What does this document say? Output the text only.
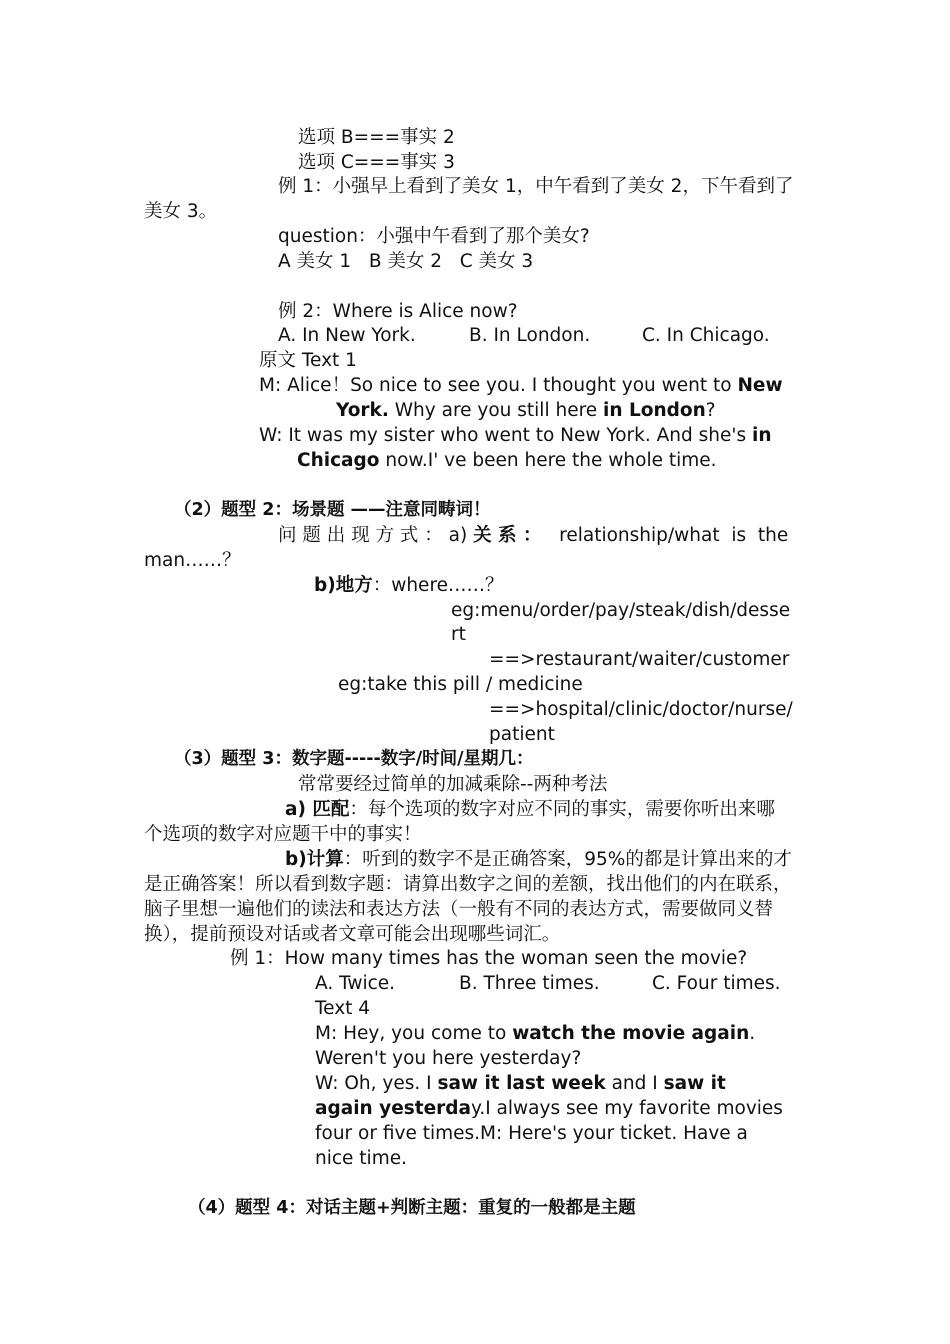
选项 B===事实 2
选项 C===事实 3
例 1：小强早上看到了美女 1，中午看到了美女 2，下午看到了
美女 3。
question：小强中午看到了那个美女?
A 美女 1   B 美女 2   C 美女 3
例 2：Where is Alice now?
A. In New York.	B. In London.	C. In Chicago.
原文 Text 1
M: Alice！So nice to see you. I thought you went to New
York. Why are you still here in London?
W: It was my sister who went to New York. And she's in
Chicago now.I' ve been here the whole time.
（2）题型 2：场景题 ——注意同畴词！
问 题 出 现 方 式 ： a) 关 系 ： relationship/what  is  the
man……？
b)地方：where……？
eg:menu/order/pay/steak/dish/desse
rt
==>restaurant/waiter/customer
eg:take this pill / medicine
==>hospital/clinic/doctor/nurse/
patient
（3）题型 3：数字题-----数字/时间/星期几：
常常要经过简单的加减乘除--两种考法
a) 匹配：每个选项的数字对应不同的事实，需要你听出来哪
个选项的数字对应题干中的事实！
b)计算：听到的数字不是正确答案，95%的都是计算出来的才
是正确答案！所以看到数字题：请算出数字之间的差额，找出他们的内在联系，
脑子里想一遍他们的读法和表达方法（一般有不同的表达方式，需要做同义替
换），提前预设对话或者文章可能会出现哪些词汇。
例 1：How many times has the woman seen the movie?
A. Twice.	B. Three times.	C. Four times.
Text 4
M: Hey, you come to watch the movie again.
Weren't you here yesterday?
W: Oh, yes. I saw it last week and I saw it
again yesterday.I always see my favorite movies
four or five times.M: Here's your ticket. Have a
nice time.
（4）题型 4：对话主题+判断主题：重复的一般都是主题
